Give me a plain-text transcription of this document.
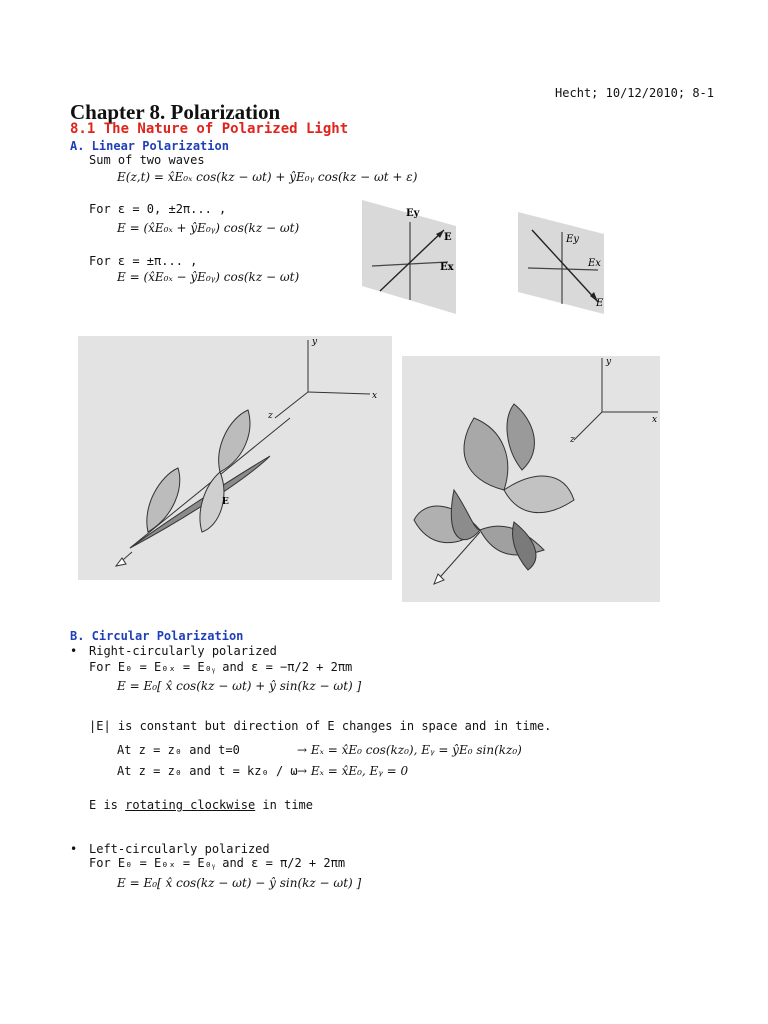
Hecht; 10/12/2010; 8-1
Chapter 8. Polarization
8.1 The Nature of Polarized Light
A. Linear Polarization
Sum of two waves
E(z,t) = x̂E₀ₓ cos(kz − ωt) + ŷE₀ᵧ cos(kz − ωt + ε)
For ε = 0, ±2π... ,
E = (x̂E₀ₓ + ŷE₀ᵧ) cos(kz − ωt)
For ε = ±π... ,
E = (x̂E₀ₓ − ŷE₀ᵧ) cos(kz − ωt)
Ey
Ex
E	Ey
Ex
E
y
x
z
E
y
x
z
B. Circular Polarization
• Right-circularly polarized
For E₀ = E₀ₓ = E₀ᵧ and ε = −π/2 + 2πm
E = E₀[ x̂ cos(kz − ωt) + ŷ sin(kz − ωt) ]
|E| is constant but direction of E changes in space and in time.
At z = z₀ and t=0	→ Eₓ = x̂E₀ cos(kz₀), Eᵧ = ŷE₀ sin(kz₀)
At z = z₀ and t = kz₀ / ω → Eₓ = x̂E₀, Eᵧ = 0
E is rotating clockwise in time
• Left-circularly polarized
For E₀ = E₀ₓ = E₀ᵧ and ε = π/2 + 2πm
E = E₀[ x̂ cos(kz − ωt) − ŷ sin(kz − ωt) ]
